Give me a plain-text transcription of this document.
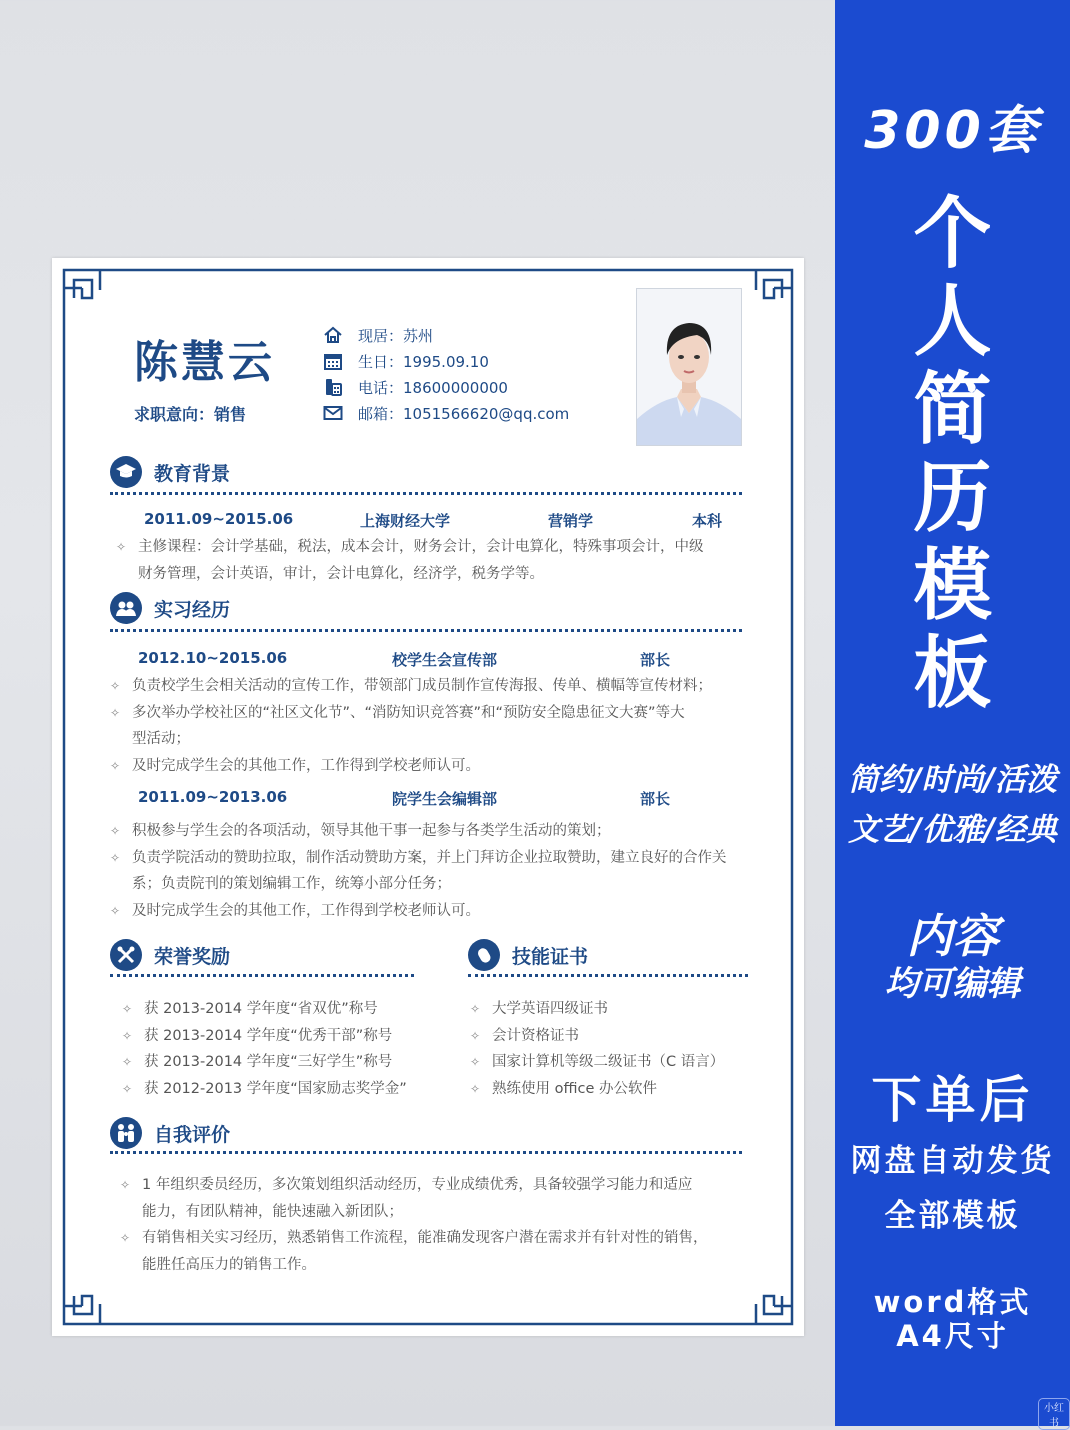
陈慧云
求职意向：销售
现居：苏州
生日：1995.09.10
电话：18600000000
邮箱：1051566620@qq.com
教育背景
2011.09~2015.06	上海财经大学	营销学	本科
✧ 主修课程：会计学基础，税法，成本会计，财务会计，会计电算化，特殊事项会计，中级
财务管理，会计英语，审计，会计电算化，经济学，税务学等。
实习经历
2012.10~2015.06	校学生会宣传部	部长
✧ 负责校学生会相关活动的宣传工作，带领部门成员制作宣传海报、传单、横幅等宣传材料；
✧ 多次举办学校社区的“社区文化节”、“消防知识竞答赛”和“预防安全隐患征文大赛”等大
型活动；
✧ 及时完成学生会的其他工作，工作得到学校老师认可。
2011.09~2013.06	院学生会编辑部	部长
✧ 积极参与学生会的各项活动，领导其他干事一起参与各类学生活动的策划；
✧ 负责学院活动的赞助拉取，制作活动赞助方案，并上门拜访企业拉取赞助，建立良好的合作关
系；负责院刊的策划编辑工作，统筹小部分任务；
✧ 及时完成学生会的其他工作，工作得到学校老师认可。
荣誉奖励
✧ 获 2013-2014 学年度“省双优”称号
✧ 获 2013-2014 学年度“优秀干部”称号
✧ 获 2013-2014 学年度“三好学生”称号
✧ 获 2012-2013 学年度“国家励志奖学金”
技能证书
✧ 大学英语四级证书
✧ 会计资格证书
✧ 国家计算机等级二级证书（C 语言）
✧ 熟练使用 office 办公软件
自我评价
✧ 1 年组织委员经历，多次策划组织活动经历，专业成绩优秀，具备较强学习能力和适应
能力，有团队精神，能快速融入新团队；
✧ 有销售相关实习经历，熟悉销售工作流程，能准确发现客户潜在需求并有针对性的销售，
能胜任高压力的销售工作。
300套
个
人
简
历
模
板
简约/时尚/活泼
文艺/优雅/经典
内容
均可编辑
下单后
网盘自动发货
全部模板
word格式
A4尺寸
小红书
